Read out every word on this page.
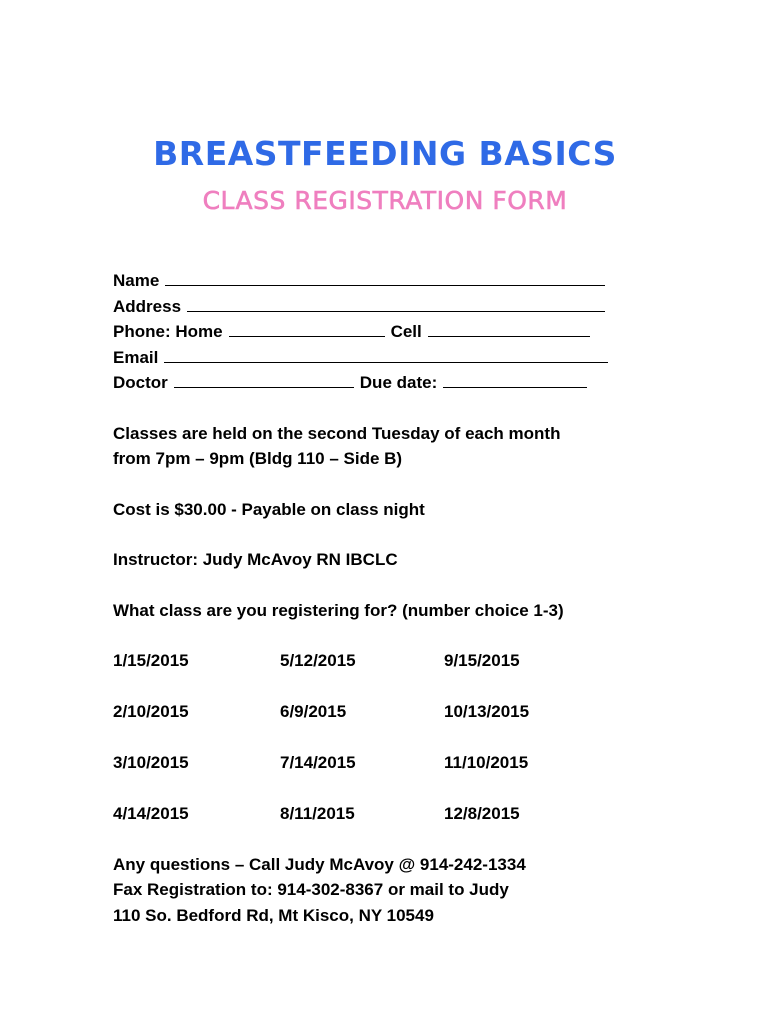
BREASTFEEDING BASICS
CLASS REGISTRATION FORM
Name
Address
Phone: Home	Cell
Email
Doctor	Due date:

Classes are held on the second Tuesday of each month

from 7pm – 9pm (Bldg 110 – Side B)

Cost is $30.00 - Payable on class night

Instructor: Judy McAvoy RN IBCLC

What class are you registering for? (number choice 1-3)

1/15/2015	5/12/2015	9/15/2015
2/10/2015	6/9/2015	10/13/2015
3/10/2015	7/14/2015	11/10/2015
4/14/2015	8/11/2015	12/8/2015

Any questions – Call Judy McAvoy @ 914-242-1334

Fax Registration to: 914-302-8367 or mail to Judy

110 So. Bedford Rd, Mt Kisco, NY 10549
